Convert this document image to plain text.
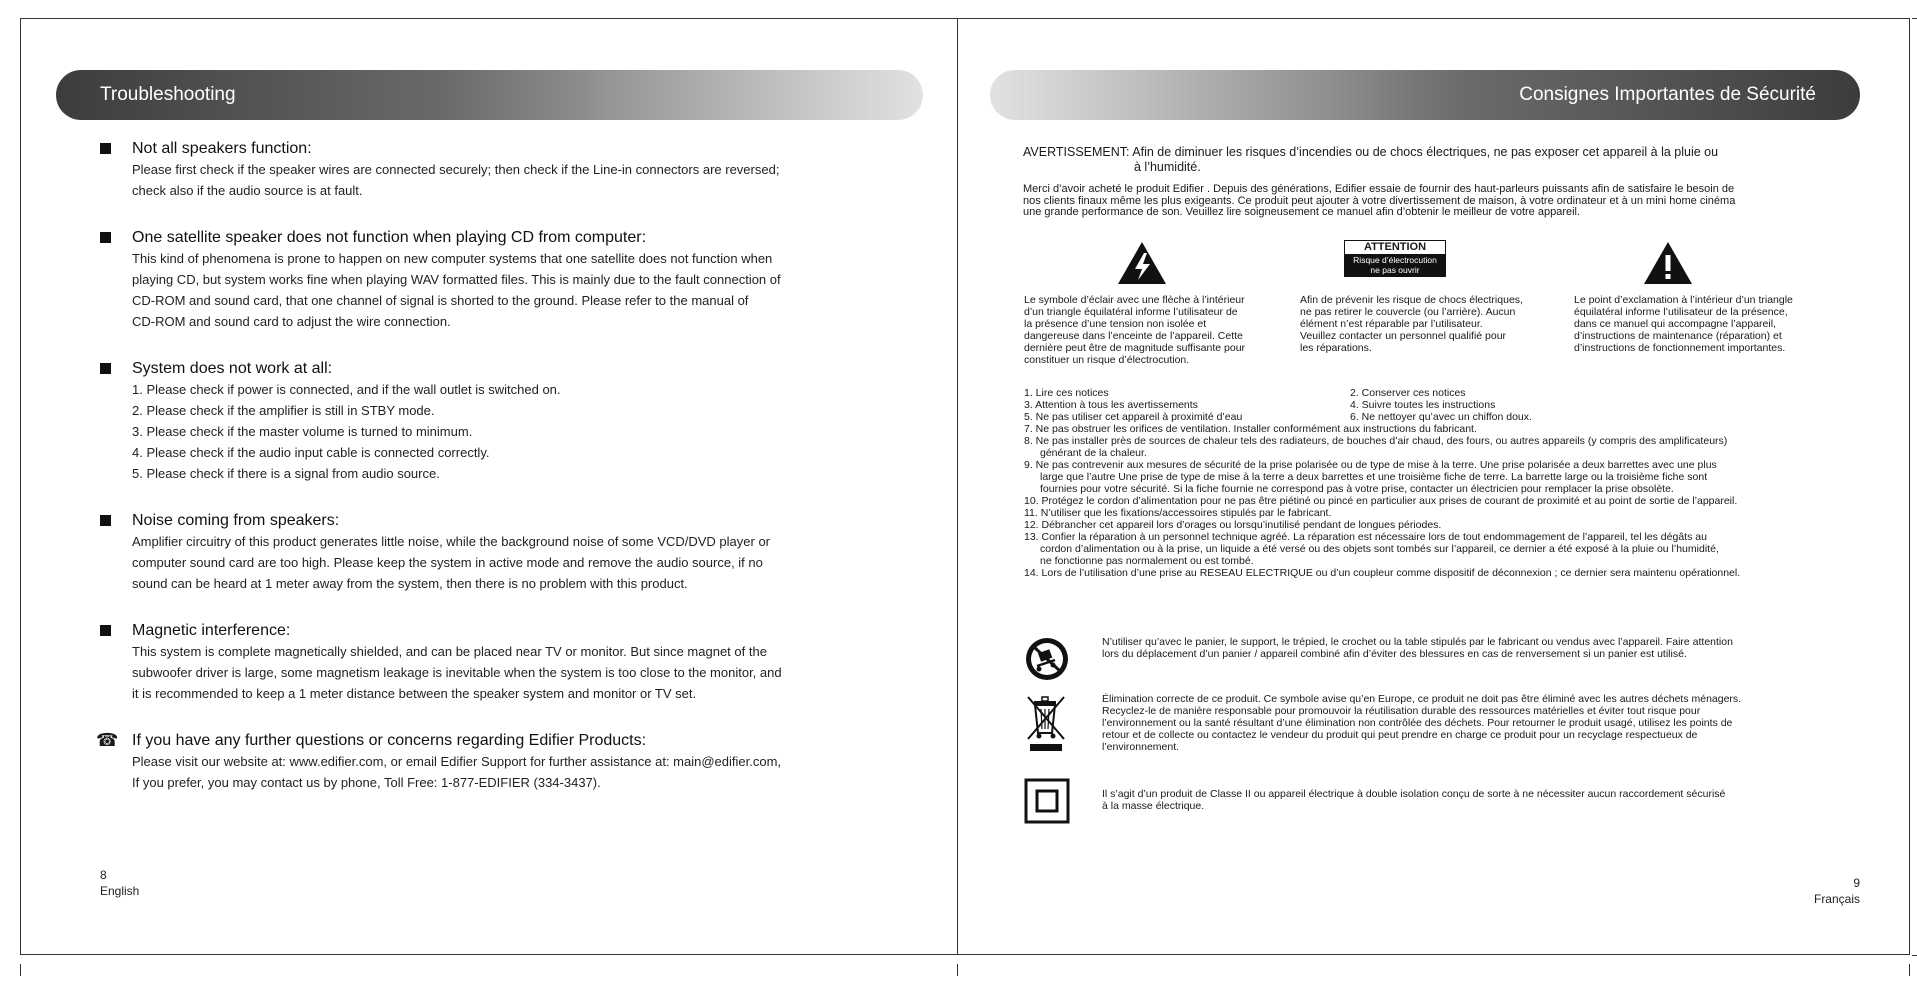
Troubleshooting
Not all speakers function:
Please first check if the speaker wires are connected securely; then check if the Line-in connectors are reversed;
check also if the audio source is at fault.
One satellite speaker does not function when playing CD from computer:
This kind of phenomena is prone to happen on new computer systems that one satellite does not function when
playing CD, but system works fine when playing WAV formatted files. This is mainly due to the fault connection of
CD-ROM and sound card, that one channel of signal is shorted to the ground. Please refer to the manual of
CD-ROM and sound card to adjust the wire connection.
System does not work at all:
1. Please check if power is connected, and if the wall outlet is switched on.
2. Please check if the amplifier is still in STBY mode.
3. Please check if the master volume is turned to minimum.
4. Please check if the audio input cable is connected correctly.
5. Please check if there is a signal from audio source.
Noise coming from speakers:
Amplifier circuitry of this product generates little noise, while the background noise of some VCD/DVD player or
computer sound card are too high. Please keep the system in active mode and remove the audio source, if no
sound can be heard at 1 meter away from the system, then there is no problem with this product.
Magnetic interference:
This system is complete magnetically shielded, and can be placed near TV or monitor. But since magnet of the
subwoofer driver is large, some magnetism leakage is inevitable when the system is too close to the monitor, and
it is recommended to keep a 1 meter distance between the speaker system and monitor or TV set.
☎ If you have any further questions or concerns regarding Edifier Products:
Please visit our website at: www.edifier.com, or email Edifier Support for further assistance at: main@edifier.com,
If you prefer, you may contact us by phone, Toll Free: 1-877-EDIFIER (334-3437).
8
English
Consignes Importantes de Sécurité
AVERTISSEMENT: Afin de diminuer les risques d’incendies ou de chocs électriques, ne pas exposer cet appareil à la pluie ou
à l’humidité.
Merci d’avoir acheté le produit Edifier . Depuis des générations, Edifier essaie de fournir des haut-parleurs puissants afin de satisfaire le besoin de
nos clients finaux même les plus exigeants. Ce produit peut ajouter à votre divertissement de maison, à votre ordinateur et à un mini home cinéma
une grande performance de son. Veuillez lire soigneusement ce manuel afin d’obtenir le meilleur de votre appareil.
ATTENTION
Risque d’électrocution
ne pas ouvrir
Le symbole d’éclair avec une flèche à l’intérieur
d’un triangle équilatéral informe l’utilisateur de
la présence d’une tension non isolée et
dangereuse dans l’enceinte de l’appareil. Cette
dernière peut être de magnitude suffisante pour
constituer un risque d’électrocution.
Afin de prévenir les risque de chocs électriques,
ne pas retirer le couvercle (ou l’arrière). Aucun
élément n’est réparable par l’utilisateur.
Veuillez contacter un personnel qualifié pour
les réparations.
Le point d’exclamation à l’intérieur d’un triangle
équilatéral informe l’utilisateur de la présence,
dans ce manuel qui accompagne l’appareil,
d’instructions de maintenance (réparation) et
d’instructions de fonctionnement importantes.
1. Lire ces notices
3. Attention à tous les avertissements
5. Ne pas utiliser cet appareil à proximité d’eau
2. Conserver ces notices
4. Suivre toutes les instructions
6. Ne nettoyer qu’avec un chiffon doux.
7. Ne pas obstruer les orifices de ventilation. Installer conformément aux instructions du fabricant.
8. Ne pas installer près de sources de chaleur tels des radiateurs, de bouches d’air chaud, des fours, ou autres appareils (y compris des amplificateurs)
générant de la chaleur.
9. Ne pas contrevenir aux mesures de sécurité de la prise polarisée ou de type de mise à la terre. Une prise polarisée a deux barrettes avec une plus
large que l’autre Une prise de type de mise à la terre a deux barrettes et une troisième fiche de terre. La barrette large ou la troisième fiche sont
fournies pour votre sécurité. Si la fiche fournie ne correspond pas à votre prise, contacter un électricien pour remplacer la prise obsolète.
10. Protégez le cordon d’alimentation pour ne pas être piétiné ou pincé en particulier aux prises de courant de proximité et au point de sortie de l’appareil.
11. N’utiliser que les fixations/accessoires stipulés par le fabricant.
12. Débrancher cet appareil lors d’orages ou lorsqu’inutilisé pendant de longues périodes.
13. Confier la réparation à un personnel technique agréé. La réparation est nécessaire lors de tout endommagement de l’appareil, tel les dégâts au
cordon d’alimentation ou à la prise, un liquide a été versé ou des objets sont tombés sur l’appareil, ce dernier a été exposé à la pluie ou l’humidité,
ne fonctionne pas normalement ou est tombé.
14. Lors de l’utilisation d’une prise au RESEAU ELECTRIQUE ou d’un coupleur comme dispositif de déconnexion ; ce dernier sera maintenu opérationnel.
N’utiliser qu’avec le panier, le support, le trépied, le crochet ou la table stipulés par le fabricant ou vendus avec l’appareil. Faire attention
lors du déplacement d’un panier / appareil combiné afin d’éviter des blessures en cas de renversement si un panier est utilisé.
Élimination correcte de ce produit. Ce symbole avise qu’en Europe, ce produit ne doit pas être éliminé avec les autres déchets ménagers.
Recyclez-le de manière responsable pour promouvoir la réutilisation durable des ressources matérielles et éviter tout risque pour
l’environnement ou la santé résultant d’une élimination non contrôlée des déchets. Pour retourner le produit usagé, utilisez les points de
retour et de collecte ou contactez le vendeur du produit qui peut prendre en charge ce produit pour un recyclage respectueux de
l’environnement.
Il s’agit d’un produit de Classe II ou appareil électrique à double isolation conçu de sorte à ne nécessiter aucun raccordement sécurisé
à la masse électrique.
9
Français
